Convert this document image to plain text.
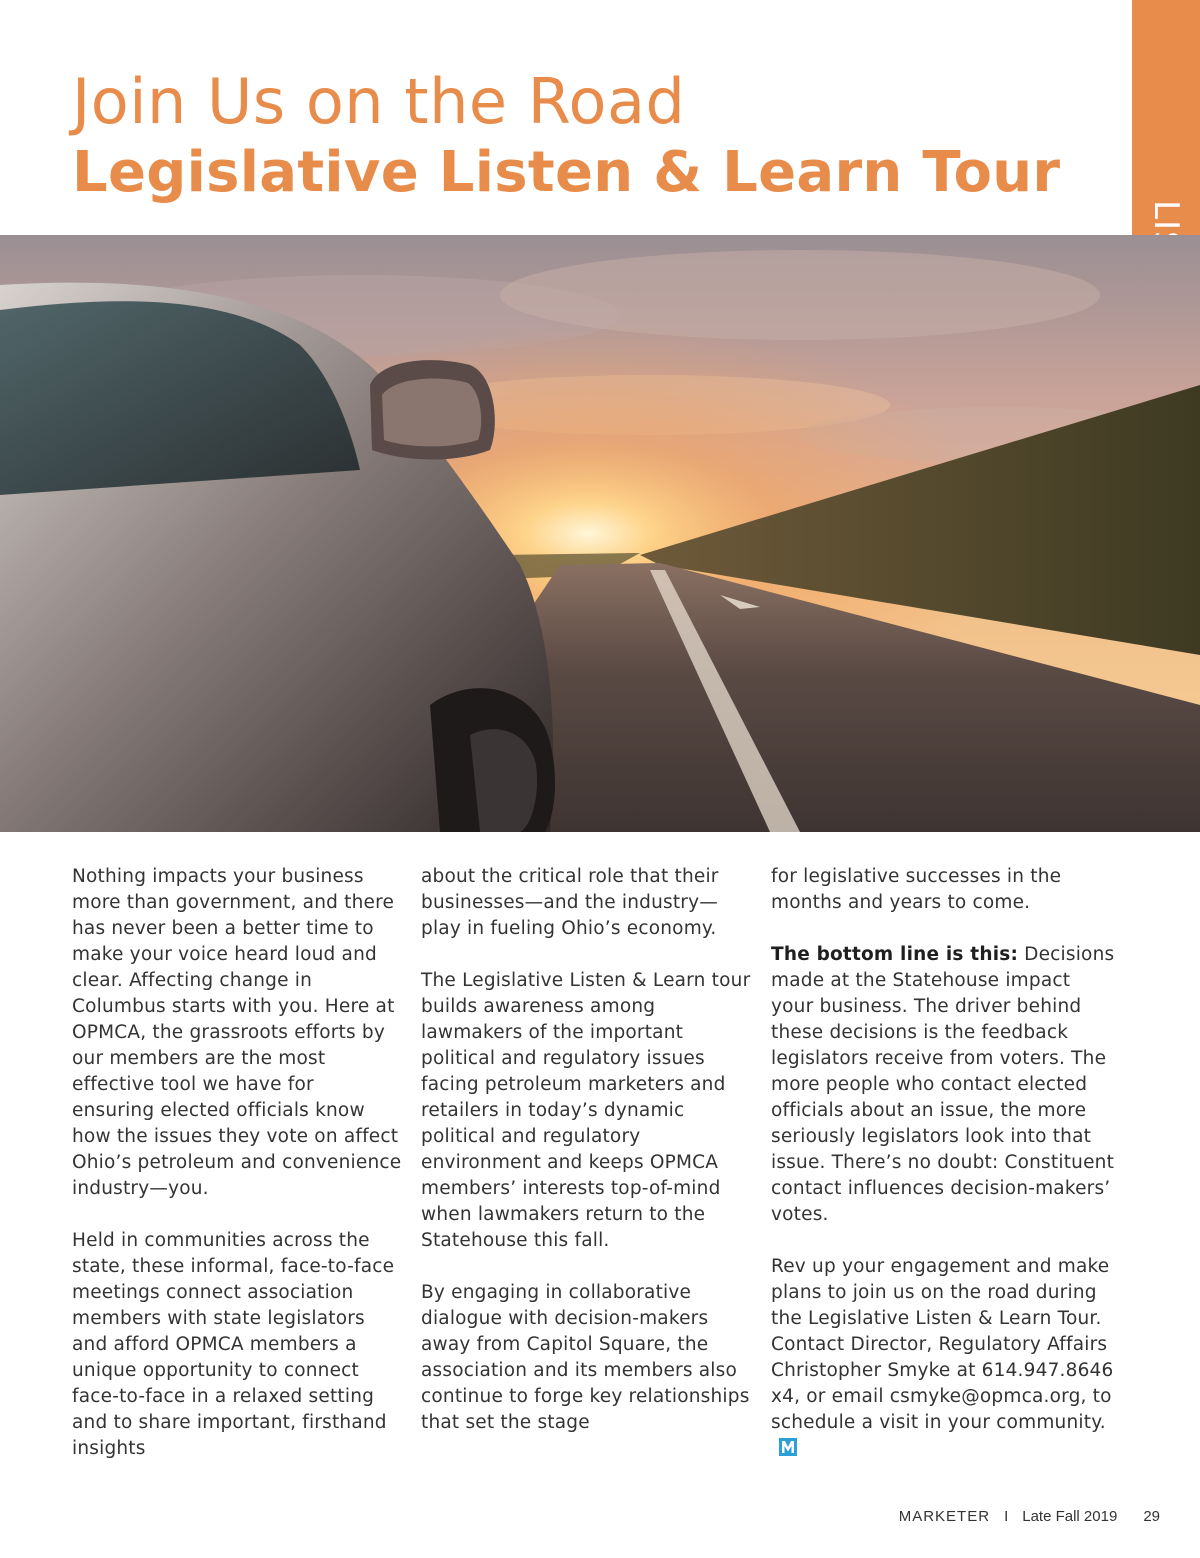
Join Us on the Road
Legislative Listen & Learn Tour

Nothing impacts your business more than government, and there has never been a better time to make your voice heard loud and clear. Affecting change in Columbus starts with you. Here at OPMCA, the grassroots efforts by our members are the most effective tool we have for ensuring elected officials know how the issues they vote on affect Ohio’s petroleum and convenience industry—you.

Held in communities across the state, these informal, face-to-face meetings connect association members with state legislators and afford OPMCA members a unique opportunity to connect face-to-face in a relaxed setting and to share important, firsthand insights

about the critical role that their businesses—and the industry—play in fueling Ohio’s economy.

The Legislative Listen & Learn tour builds awareness among lawmakers of the important political and regulatory issues facing petroleum marketers and retailers in today’s dynamic political and regulatory environment and keeps OPMCA members’ interests top-of-mind when lawmakers return to the Statehouse this fall.

By engaging in collaborative dialogue with decision-makers away from Capitol Square, the association and its members also continue to forge key relationships that set the stage

for legislative successes in the months and years to come.

The bottom line is this: Decisions made at the Statehouse impact your business. The driver behind these decisions is the feedback legislators receive from voters. The more people who contact elected officials about an issue, the more seriously legislators look into that issue. There’s no doubt: Constituent contact influences decision-makers’ votes.

Rev up your engagement and make plans to join us on the road during the Legislative Listen & Learn Tour. Contact Director, Regulatory Affairs Christopher Smyke at 614.947.8646 x4, or email csmyke@opmca.org, to schedule a visit in your community.

MARKETER I Late Fall 2019 29
